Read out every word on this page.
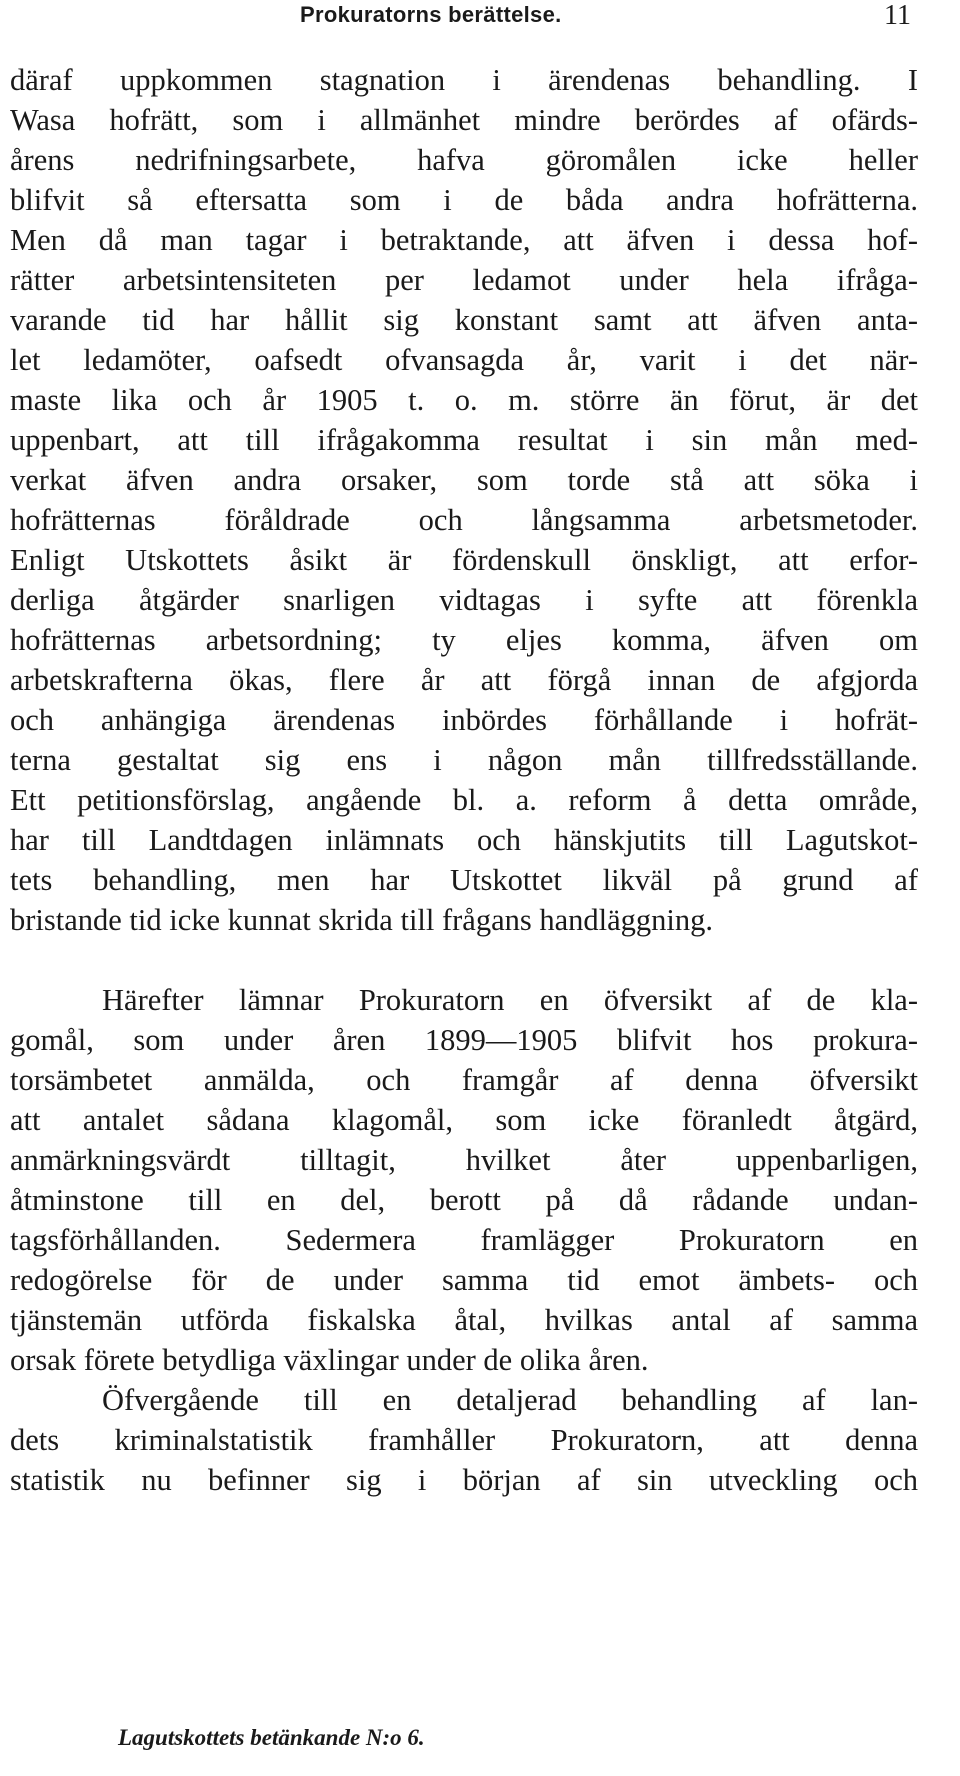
Prokuratorns berättelse.	11
däraf uppkommen stagnation i ärendenas behandling. I
Wasa hofrätt, som i allmänhet mindre berördes af ofärds-
årens nedrifningsarbete, hafva göromålen icke heller
blifvit så eftersatta som i de båda andra hofrätterna.
Men då man tagar i betraktande, att äfven i dessa hof-
rätter arbetsintensiteten per ledamot under hela ifråga-
varande tid har hållit sig konstant samt att äfven anta-
let ledamöter, oafsedt ofvansagda år, varit i det när-
maste lika och år 1905 t. o. m. större än förut, är det
uppenbart, att till ifrågakomma resultat i sin mån med-
verkat äfven andra orsaker, som torde stå att söka i
hofrätternas föråldrade och långsamma arbetsmetoder.
Enligt Utskottets åsikt är fördenskull önskligt, att erfor-
derliga åtgärder snarligen vidtagas i syfte att förenkla
hofrätternas arbetsordning; ty eljes komma, äfven om
arbetskrafterna ökas, flere år att förgå innan de afgjorda
och anhängiga ärendenas inbördes förhållande i hofrät-
terna gestaltat sig ens i någon mån tillfredsställande.
Ett petitionsförslag, angående bl. a. reform å detta område,
har till Landtdagen inlämnats och hänskjutits till Lagutskot-
tets behandling, men har Utskottet likväl på grund af
bristande tid icke kunnat skrida till frågans handläggning.
Härefter lämnar Prokuratorn en öfversikt af de kla-
gomål, som under åren 1899—1905 blifvit hos prokura-
torsämbetet anmälda, och framgår af denna öfversikt
att antalet sådana klagomål, som icke föranledt åtgärd,
anmärkningsvärdt tilltagit, hvilket åter uppenbarligen,
åtminstone till en del, berott på då rådande undan-
tagsförhållanden. Sedermera framlägger Prokuratorn en
redogörelse för de under samma tid emot ämbets- och
tjänstemän utförda fiskalska åtal, hvilkas antal af samma
orsak förete betydliga växlingar under de olika åren.
Öfvergående till en detaljerad behandling af lan-
dets kriminalstatistik framhåller Prokuratorn, att denna
statistik nu befinner sig i början af sin utveckling och
Lagutskottets betänkande N:o 6.
